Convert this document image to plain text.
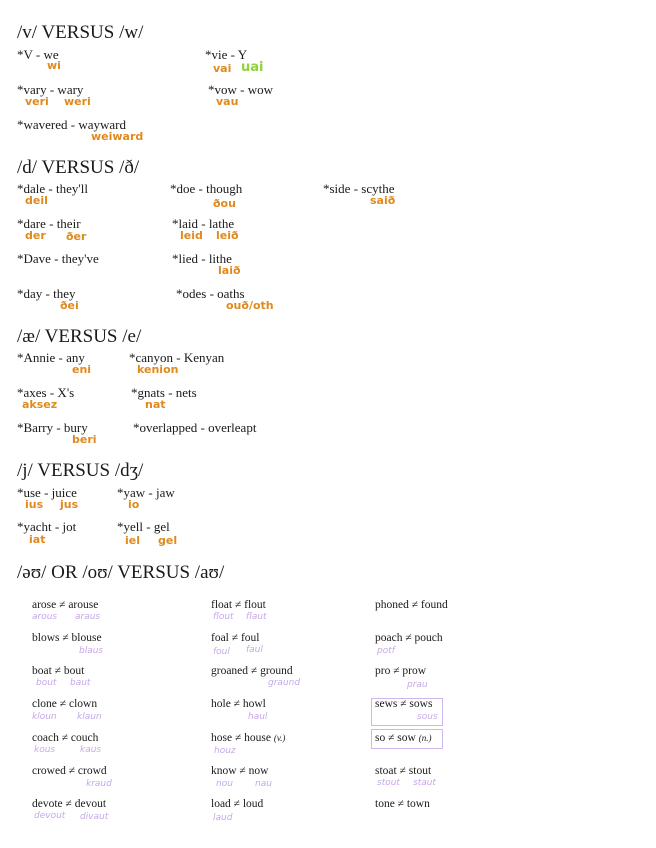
/v/ VERSUS /w/
*V - we
wi
*vie - Y
vai uai
*vary - wary
veri weri
*vow - wow
vau
*wavered - wayward
weiward
/d/ VERSUS /ð/
*dale - they'll
deil
*doe - though
ðou
*side - scythe
saið
*dare - their
der ðer
*laid - lathe
leid leið
*Dave - they've	*lied - lithe
laið
*day - they
ðei
*odes - oaths
ouð/oth
/æ/ VERSUS /e/
*Annie - any
eni
*canyon - Kenyan
kenion
*axes - X's
aksez
*gnats - nets
nat
*Barry - bury
beri
*overlapped - overleapt
/j/ VERSUS /dʒ/
*use - juice
ius jus
*yaw - jaw
io
*yacht - jot
iat
*yell - gel
iel gel
/əʊ/ OR /oʊ/ VERSUS /aʊ/
arose ≠ arouse
arous araus
float ≠ flout
flout flaut
phoned ≠ found
blows ≠ blouse
blaus
foal ≠ foul
foul faul
poach ≠ pouch
potf
boat ≠ bout
bout baut
groaned ≠ ground
graund
pro ≠ prow
prau
clone ≠ clown
kloun klaun
hole ≠ howl
haul
sews ≠ sows
sous
coach ≠ couch
kous	kaus
hose ≠ house (v.)
houz
so ≠ sow (n.)
crowed ≠ crowd
kraud
know ≠ now
nou nau
stoat ≠ stout
stout staut
devote ≠ devout
devout divaut
load ≠ loud
laud
tone ≠ town
